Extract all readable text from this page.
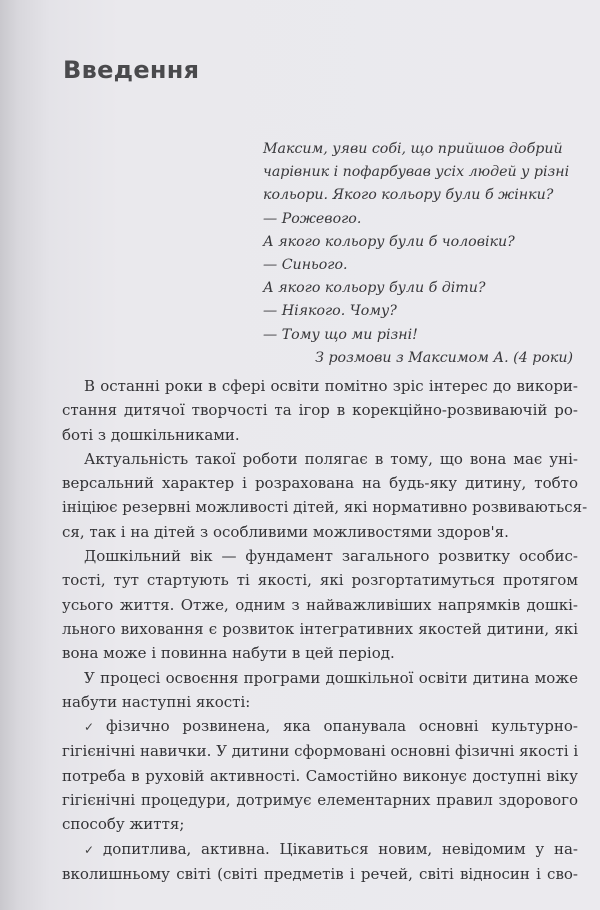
Введення
Максим, уяви собі, що прийшов добрий
чарівник і пофарбував усіх людей у різні
кольори. Якого кольору були б жінки?
— Рожевого.
А якого кольору були б чоловіки?
— Синього.
А якого кольору були б діти?
— Ніякого. Чому?
— Тому що ми різні!
З розмови з Максимом А. (4 роки)

В останні роки в сфері освіти помітно зріс інтерес до викори-
стання дитячої творчості та ігор в корекційно-розвиваючій ро-
боті з дошкільниками.

Актуальність такої роботи полягає в тому, що вона має уні-
версальний характер і розрахована на будь-яку дитину, тобто
ініціює резервні можливості дітей, які нормативно розвиваються-
ся, так і на дітей з особливими можливостями здоров'я.

Дошкільний вік — фундамент загального розвитку особис-
тості, тут стартують ті якості, які розгортатимуться протягом
усього життя. Отже, одним з найважливіших напрямків дошкі-
льного виховання є розвиток інтегративних якостей дитини, які
вона може і повинна набути в цей період.

У процесі освоєння програми дошкільної освіти дитина може
набути наступні якості:

✓ фізично розвинена, яка опанувала основні культурно-
гігієнічні навички. У дитини сформовані основні фізичні якості і
потреба в руховій активності. Самостійно виконує доступні віку
гігієнічні процедури, дотримує елементарних правил здорового
способу життя;

✓ допитлива, активна. Цікавиться новим, невідомим у на-
вколишньому світі (світі предметів і речей, світі відносин і сво-
